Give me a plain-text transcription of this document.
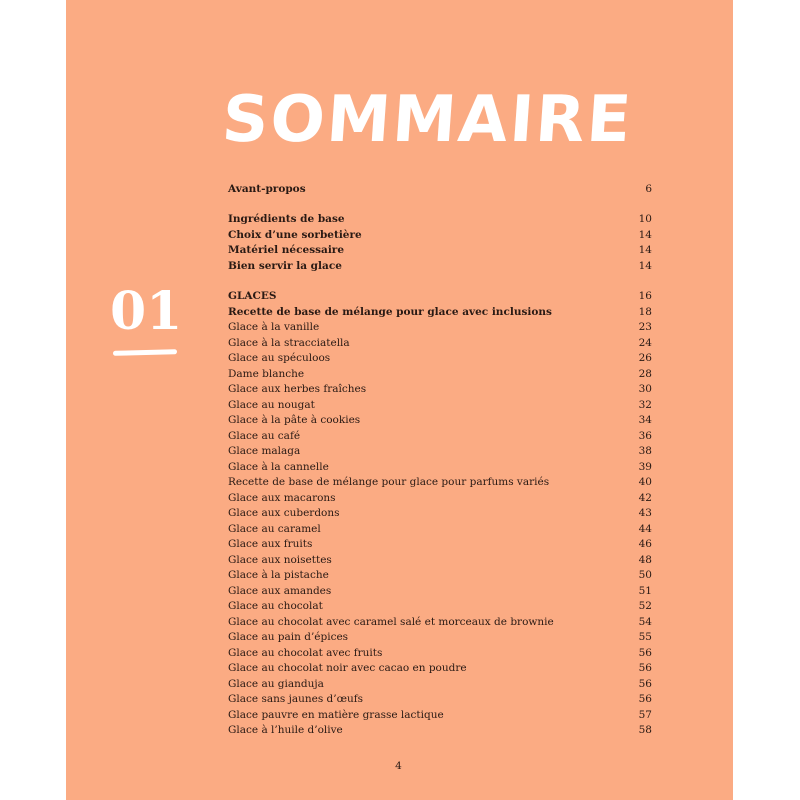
SOMMAIRE
01
Avant-propos	6
Ingrédients de base	10
Choix d’une sorbetière	14
Matériel nécessaire	14
Bien servir la glace	14
GLACES	16
Recette de base de mélange pour glace avec inclusions	18
Glace à la vanille	23
Glace à la stracciatella	24
Glace au spéculoos	26
Dame blanche	28
Glace aux herbes fraîches	30
Glace au nougat	32
Glace à la pâte à cookies	34
Glace au café	36
Glace malaga	38
Glace à la cannelle	39
Recette de base de mélange pour glace pour parfums variés	40
Glace aux macarons	42
Glace aux cuberdons	43
Glace au caramel	44
Glace aux fruits	46
Glace aux noisettes	48
Glace à la pistache	50
Glace aux amandes	51
Glace au chocolat	52
Glace au chocolat avec caramel salé et morceaux de brownie	54
Glace au pain d’épices	55
Glace au chocolat avec fruits	56
Glace au chocolat noir avec cacao en poudre	56
Glace au gianduja	56
Glace sans jaunes d’œufs	56
Glace pauvre en matière grasse lactique	57
Glace à l’huile d’olive	58
4
